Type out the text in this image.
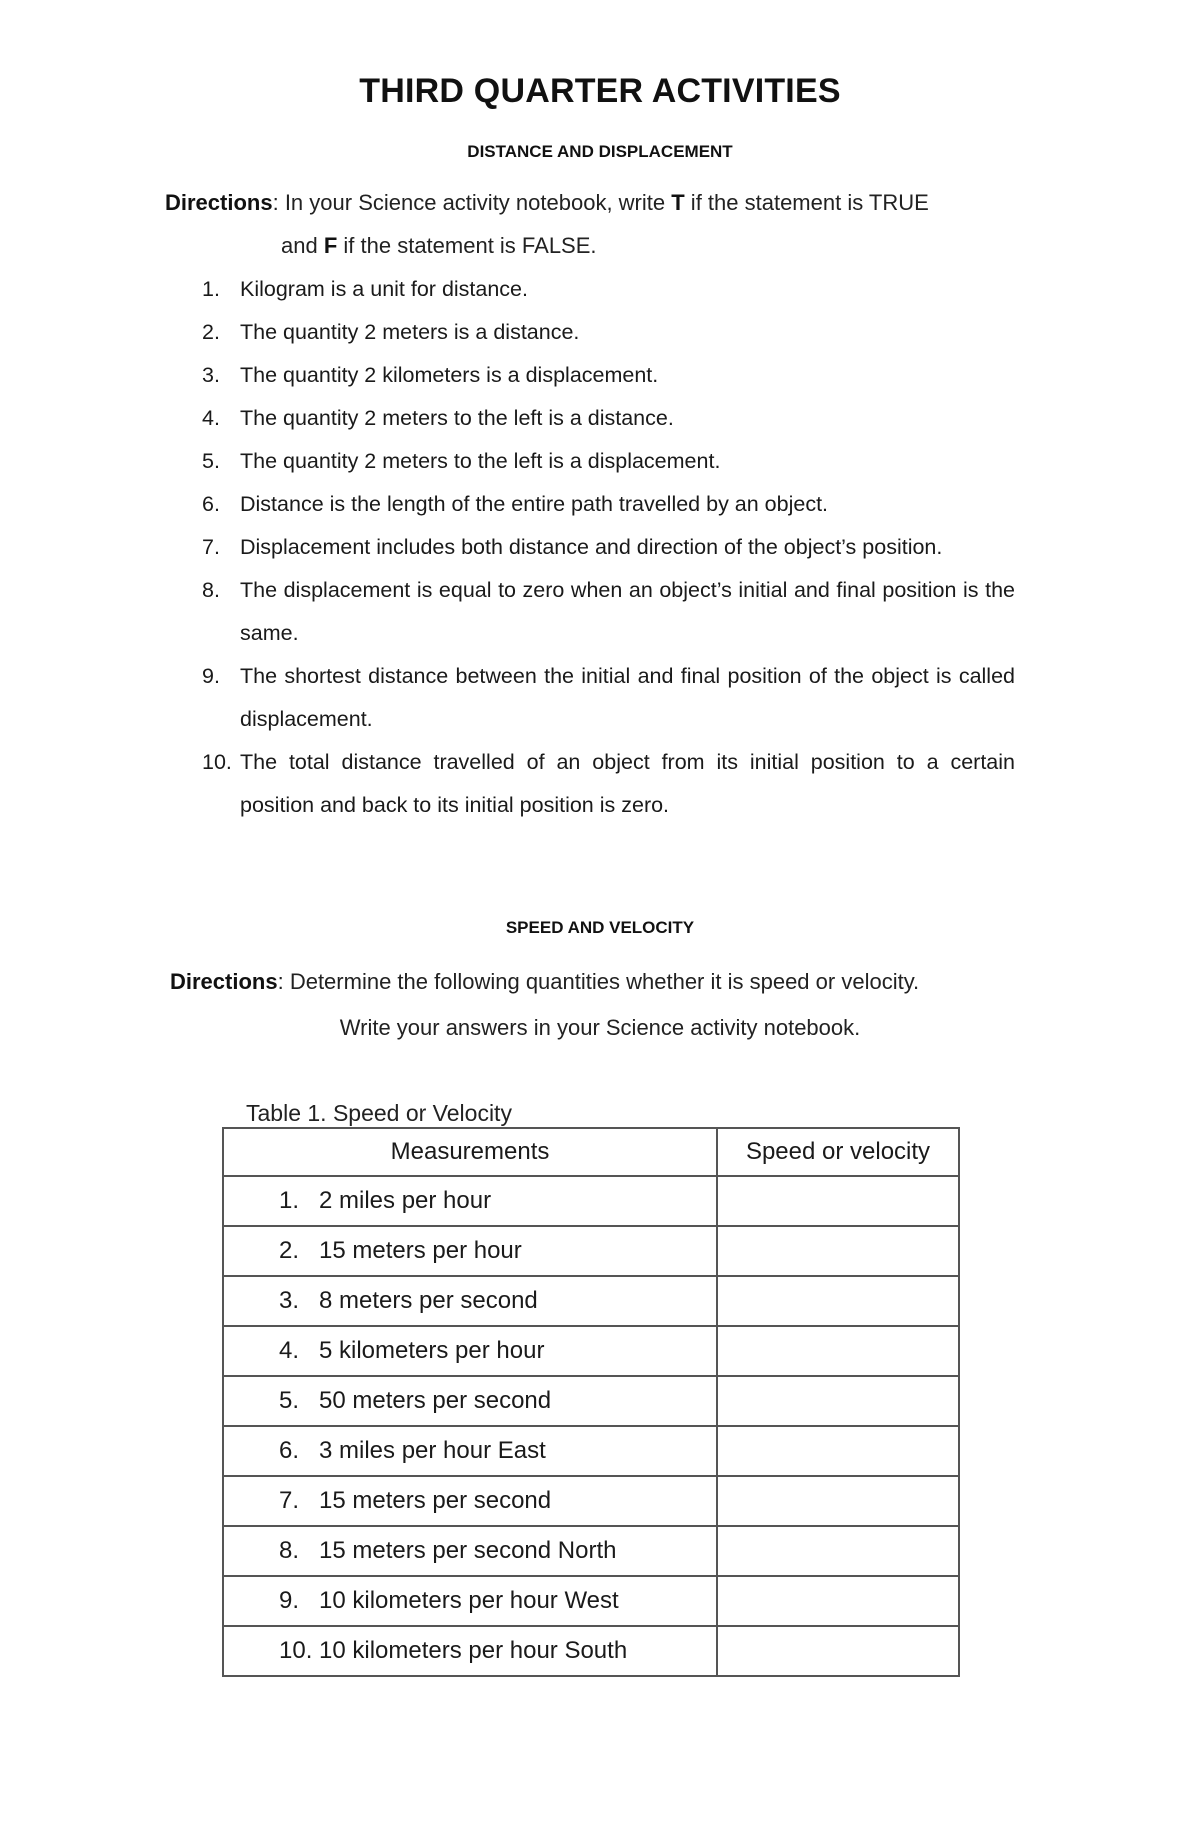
THIRD QUARTER ACTIVITIES
DISTANCE AND DISPLACEMENT
Directions: In your Science activity notebook, write T if the statement is TRUE
and F if the statement is FALSE.
1. Kilogram is a unit for distance.
2. The quantity 2 meters is a distance.
3. The quantity 2 kilometers is a displacement.
4. The quantity 2 meters to the left is a distance.
5. The quantity 2 meters to the left is a displacement.
6. Distance is the length of the entire path travelled by an object.
7. Displacement includes both distance and direction of the object’s position.
8. The displacement is equal to zero when an object’s initial and final position is the same.
9. The shortest distance between the initial and final position of the object is called displacement.
10. The total distance travelled of an object from its initial position to a certain position and back to its initial position is zero.
SPEED AND VELOCITY
Directions: Determine the following quantities whether it is speed or velocity.
Write your answers in your Science activity notebook.
Table 1. Speed or Velocity
Measurements	Speed or velocity
1. 2 miles per hour	
2. 15 meters per hour	
3. 8 meters per second	
4. 5 kilometers per hour	
5. 50 meters per second	
6. 3 miles per hour East	
7. 15 meters per second	
8. 15 meters per second North	
9. 10 kilometers per hour West	
10. 10 kilometers per hour South	
